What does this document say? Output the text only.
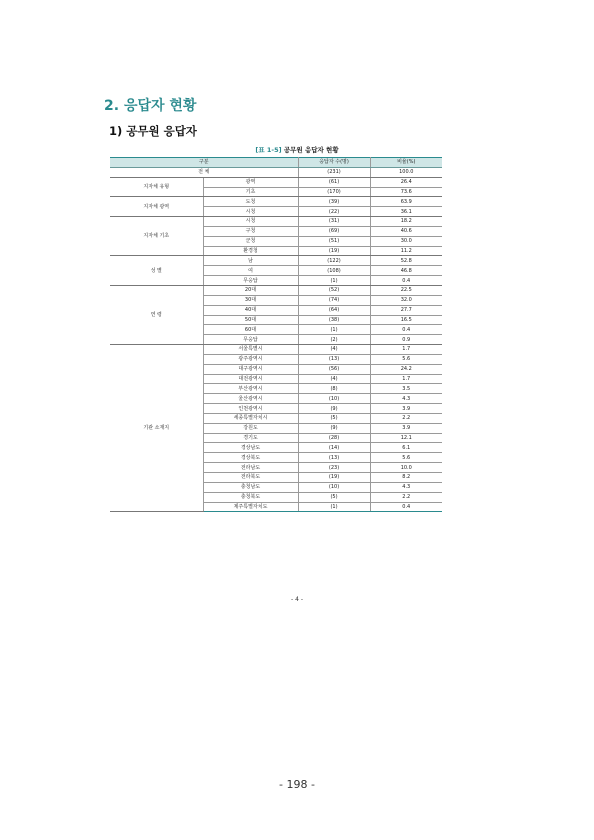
2. 응답자 현황
1) 공무원 응답자
[표 1-5] 공무원 응답자 현황
구분		응답자 수(명)	비율(%)
전 체		(231)	100.0
지자체 유형	광역	(61)	26.4
	기초	(170)	73.6
지자체 광역	도청	(39)	63.9
	시청	(22)	36.1
지자체 기초	시청	(31)	18.2
	구청	(69)	40.6
	군청	(51)	30.0
	환경청	(19)	11.2
성 별	남	(122)	52.8
	여	(108)	46.8
	무응답	(1)	0.4
연 령	20대	(52)	22.5
	30대	(74)	32.0
	40대	(64)	27.7
	50대	(38)	16.5
	60대	(1)	0.4
	무응답	(2)	0.9
기관 소재지	서울특별시	(4)	1.7
	광주광역시	(13)	5.6
	대구광역시	(56)	24.2
	대전광역시	(4)	1.7
	부산광역시	(8)	3.5
	울산광역시	(10)	4.3
	인천광역시	(9)	3.9
	세종특별자치시	(5)	2.2
	강원도	(9)	3.9
	경기도	(28)	12.1
	경상남도	(14)	6.1
	경상북도	(13)	5.6
	전라남도	(23)	10.0
	전라북도	(19)	8.2
	충청남도	(10)	4.3
	충청북도	(5)	2.2
	제주특별자치도	(1)	0.4
- 4 -
- 198 -
